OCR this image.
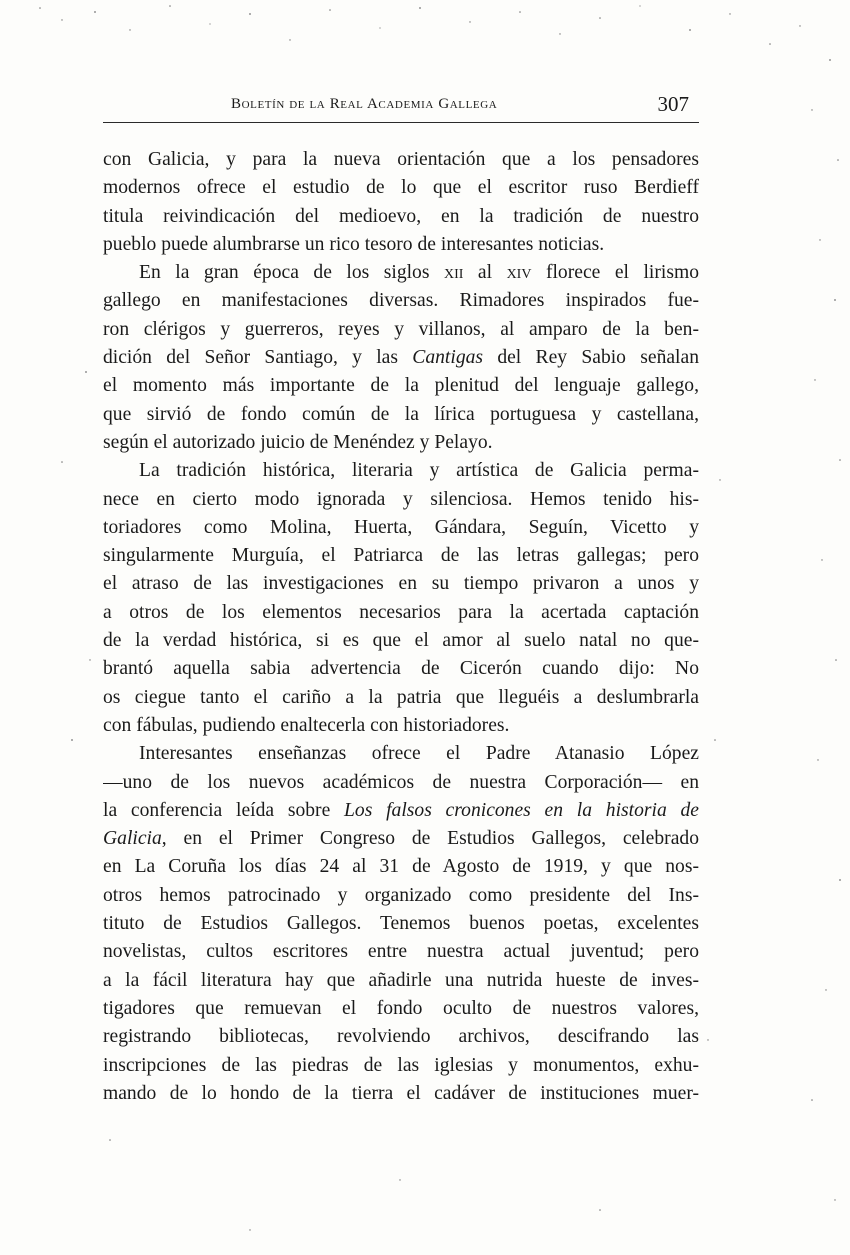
Boletín de la Real Academia Gallega	307
con Galicia, y para la nueva orientación que a los pensadores
modernos ofrece el estudio de lo que el escritor ruso Berdieff
titula reivindicación del medioevo, en la tradición de nuestro
pueblo puede alumbrarse un rico tesoro de interesantes noticias.
En la gran época de los siglos xii al xiv florece el lirismo
gallego en manifestaciones diversas. Rimadores inspirados fue-
ron clérigos y guerreros, reyes y villanos, al amparo de la ben-
dición del Señor Santiago, y las Cantigas del Rey Sabio señalan
el momento más importante de la plenitud del lenguaje gallego,
que sirvió de fondo común de la lírica portuguesa y castellana,
según el autorizado juicio de Menéndez y Pelayo.
La tradición histórica, literaria y artística de Galicia perma-
nece en cierto modo ignorada y silenciosa. Hemos tenido his-
toriadores como Molina, Huerta, Gándara, Seguín, Vicetto y
singularmente Murguía, el Patriarca de las letras gallegas; pero
el atraso de las investigaciones en su tiempo privaron a unos y
a otros de los elementos necesarios para la acertada captación
de la verdad histórica, si es que el amor al suelo natal no que-
brantó aquella sabia advertencia de Cicerón cuando dijo: No
os ciegue tanto el cariño a la patria que lleguéis a deslumbrarla
con fábulas, pudiendo enaltecerla con historiadores.
Interesantes enseñanzas ofrece el Padre Atanasio López
—uno de los nuevos académicos de nuestra Corporación— en
la conferencia leída sobre Los falsos cronicones en la historia de
Galicia, en el Primer Congreso de Estudios Gallegos, celebrado
en La Coruña los días 24 al 31 de Agosto de 1919, y que nos-
otros hemos patrocinado y organizado como presidente del Ins-
tituto de Estudios Gallegos. Tenemos buenos poetas, excelentes
novelistas, cultos escritores entre nuestra actual juventud; pero
a la fácil literatura hay que añadirle una nutrida hueste de inves-
tigadores que remuevan el fondo oculto de nuestros valores,
registrando bibliotecas, revolviendo archivos, descifrando las
inscripciones de las piedras de las iglesias y monumentos, exhu-
mando de lo hondo de la tierra el cadáver de instituciones muer-
